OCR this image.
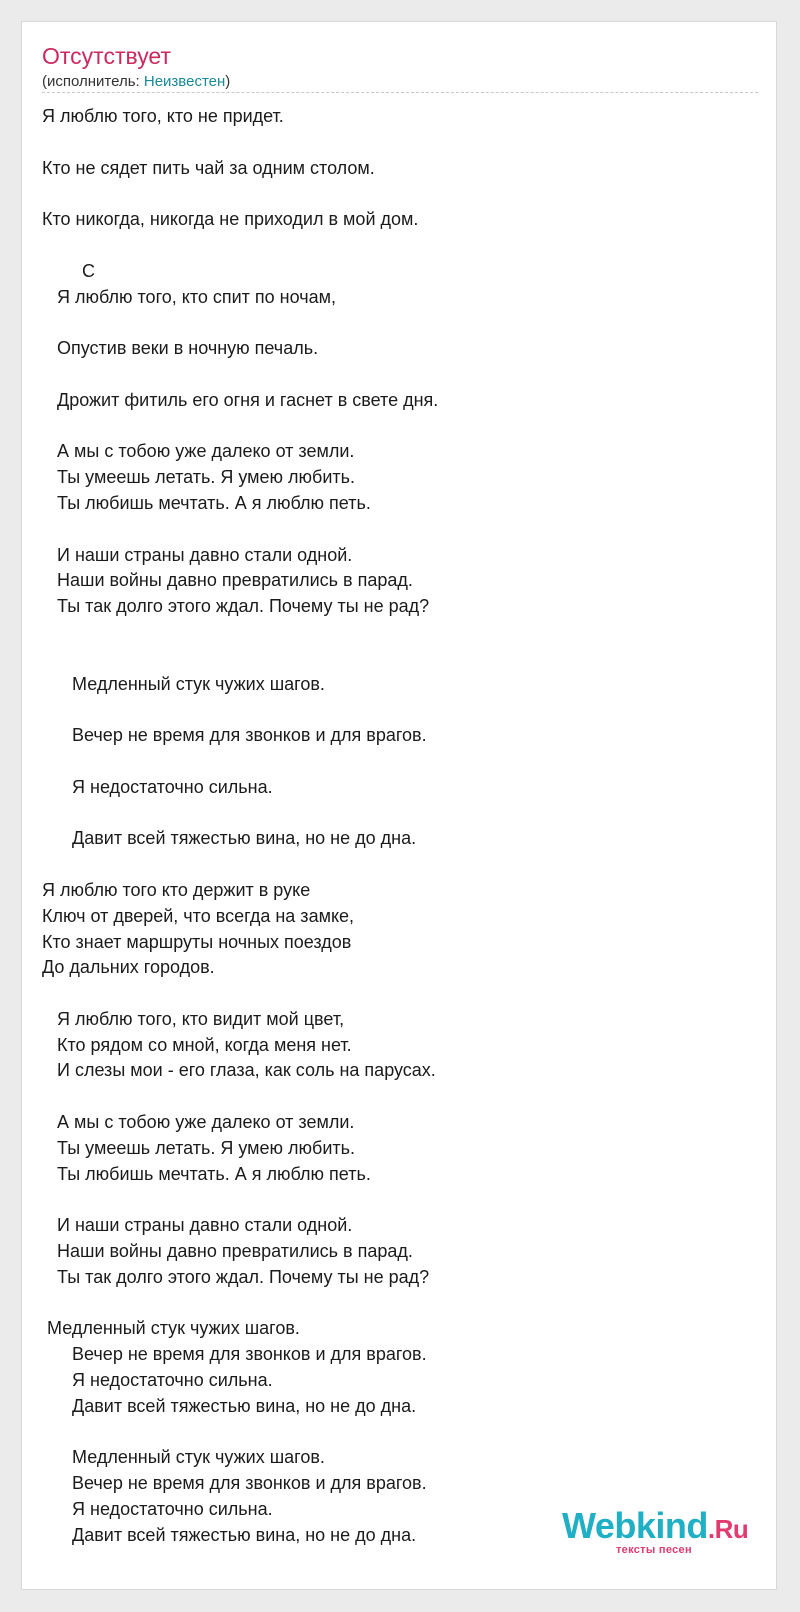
Отсутствует
(исполнитель: Неизвестен)
Я люблю того, кто не придет.

Кто не сядет пить чай за одним столом.

Кто никогда, никогда не приходил в мой дом.

C
Я люблю того, кто спит по ночам,

Опустив веки в ночную печаль.

Дрожит фитиль его огня и гаснет в свете дня.

А мы с тобою уже далеко от земли.
Ты умеешь летать. Я умею любить.
Ты любишь мечтать. А я люблю петь.

И наши страны давно стали одной.
Наши войны давно превратились в парад.
Ты так долго этого ждал. Почему ты не рад?

Медленный стук чужих шагов.

Вечер не время для звонков и для врагов.

Я недостаточно сильна.

Давит всей тяжестью вина, но не до дна.

Я люблю того кто держит в руке
Ключ от дверей, что всегда на замке,
Кто знает маршруты ночных поездов
До дальних городов.

Я люблю того, кто видит мой цвет,
Кто рядом со мной, когда меня нет.
И слезы мои - его глаза, как соль на парусах.

А мы с тобою уже далеко от земли.
Ты умеешь летать. Я умею любить.
Ты любишь мечтать. А я люблю петь.

И наши страны давно стали одной.
Наши войны давно превратились в парад.
Ты так долго этого ждал. Почему ты не рад?

Медленный стук чужих шагов.
Вечер не время для звонков и для врагов.
Я недостаточно сильна.
Давит всей тяжестью вина, но не до дна.

Медленный стук чужих шагов.
Вечер не время для звонков и для врагов.
Я недостаточно сильна.
Давит всей тяжестью вина, но не до дна.	Webkind.Ru
тексты песен
